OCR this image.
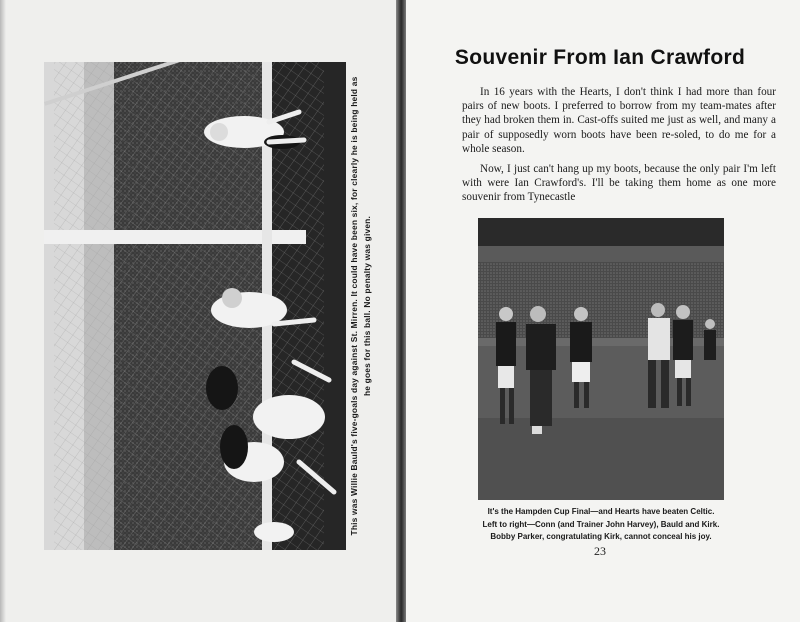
This was Willie Bauld's five-goals day against St. Mirren. It could have been six, for clearly he is being held as he goes for this ball. No penalty was given.
Souvenir From Ian Crawford

In 16 years with the Hearts, I don't think I had more than four pairs of new boots. I preferred to borrow from my team-mates after they had broken them in. Cast-offs suited me just as well, and many a pair of supposedly worn boots have been re-soled, to do me for a whole season.

Now, I just can't hang up my boots, because the only pair I'm left with were Ian Crawford's. I'll be taking them home as one more souvenir from Tynecastle

It's the Hampden Cup Final—and Hearts have beaten Celtic.
Left to right—Conn (and Trainer John Harvey), Bauld and Kirk.
Bobby Parker, congratulating Kirk, cannot conceal his joy.
23
